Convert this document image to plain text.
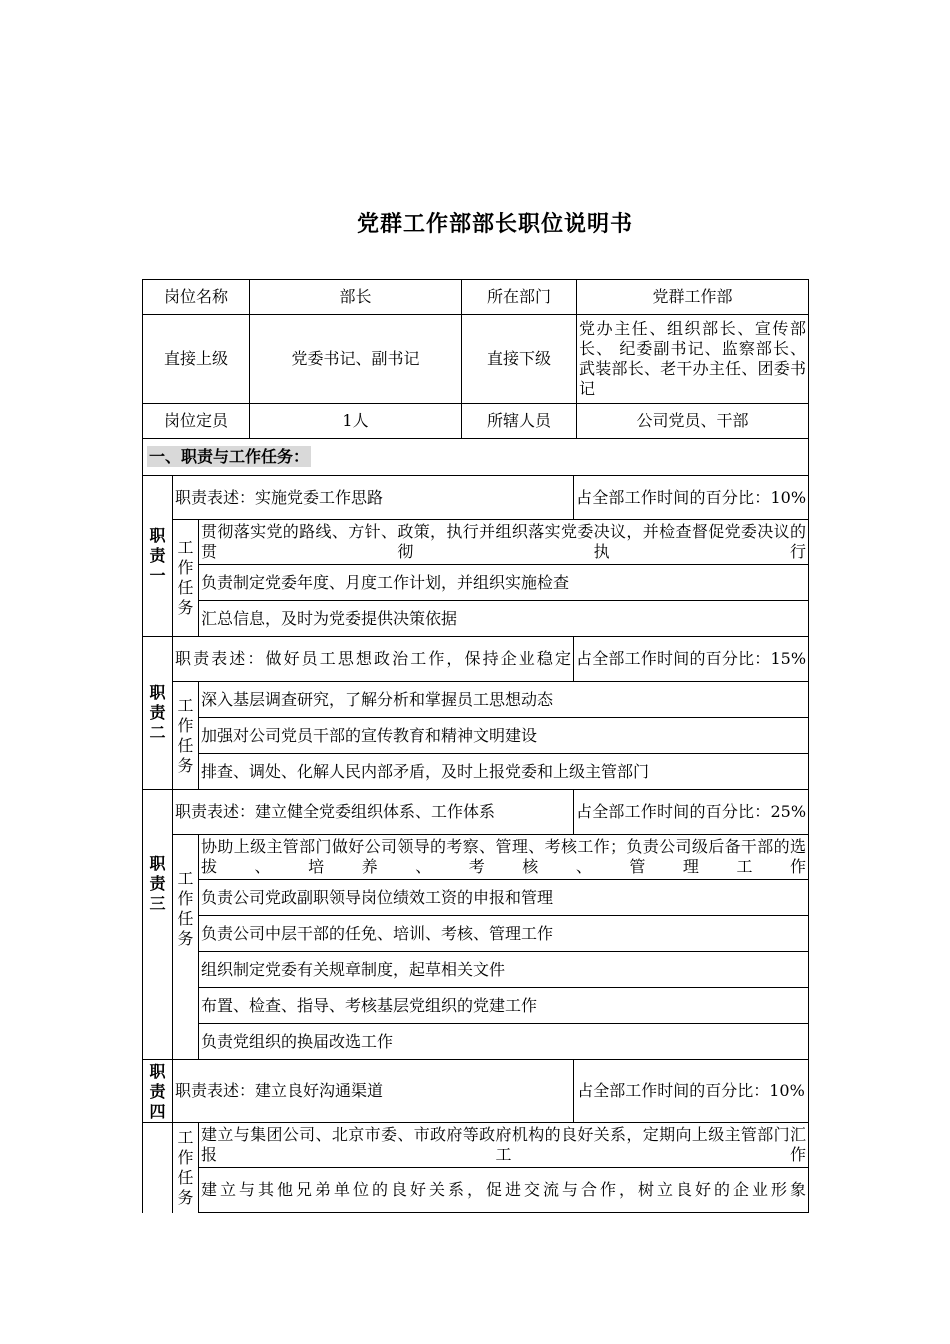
党群工作部部长职位说明书
岗位名称			部长	所在部门		党群工作部
直接上级			党委书记、副书记	直接下级		党办主任、组织部长、宣传部长、 纪委副书记、监察部长、武装部长、老干办主任、团委书记
岗位定员			1人	所辖人员		公司党员、干部
一、职责与工作任务：						
职责一	职责表述：实施党委工作思路				占全部工作时间的百分比：10%	
	工作任务	贯彻落实党的路线、方针、政策，执行并组织落实党委决议，并检查督促党委决议的贯彻执行				
		负责制定党委年度、月度工作计划，并组织实施检查				
		汇总信息，及时为党委提供决策依据				
职责二	职责表述：做好员工思想政治工作，保持企业稳定				占全部工作时间的百分比：15%	
	工作任务	深入基层调查研究，了解分析和掌握员工思想动态				
		加强对公司党员干部的宣传教育和精神文明建设				
		排查、调处、化解人民内部矛盾，及时上报党委和上级主管部门				
职责三	职责表述：建立健全党委组织体系、工作体系				占全部工作时间的百分比：25%	
	工作任务	协助上级主管部门做好公司领导的考察、管理、考核工作；负责公司级后备干部的选拔、培养、考核、管理工作				
		负责公司党政副职领导岗位绩效工资的申报和管理				
		负责公司中层干部的任免、培训、考核、管理工作				
		组织制定党委有关规章制度，起草相关文件				
		布置、检查、指导、考核基层党组织的党建工作				
		负责党组织的换届改选工作				
职责四	职责表述：建立良好沟通渠道				占全部工作时间的百分比：10%	
	工作任务	建立与集团公司、北京市委、市政府等政府机构的良好关系，定期向上级主管部门汇报工作				
		建立与其他兄弟单位的良好关系，促进交流与合作，树立良好的企业形象				
